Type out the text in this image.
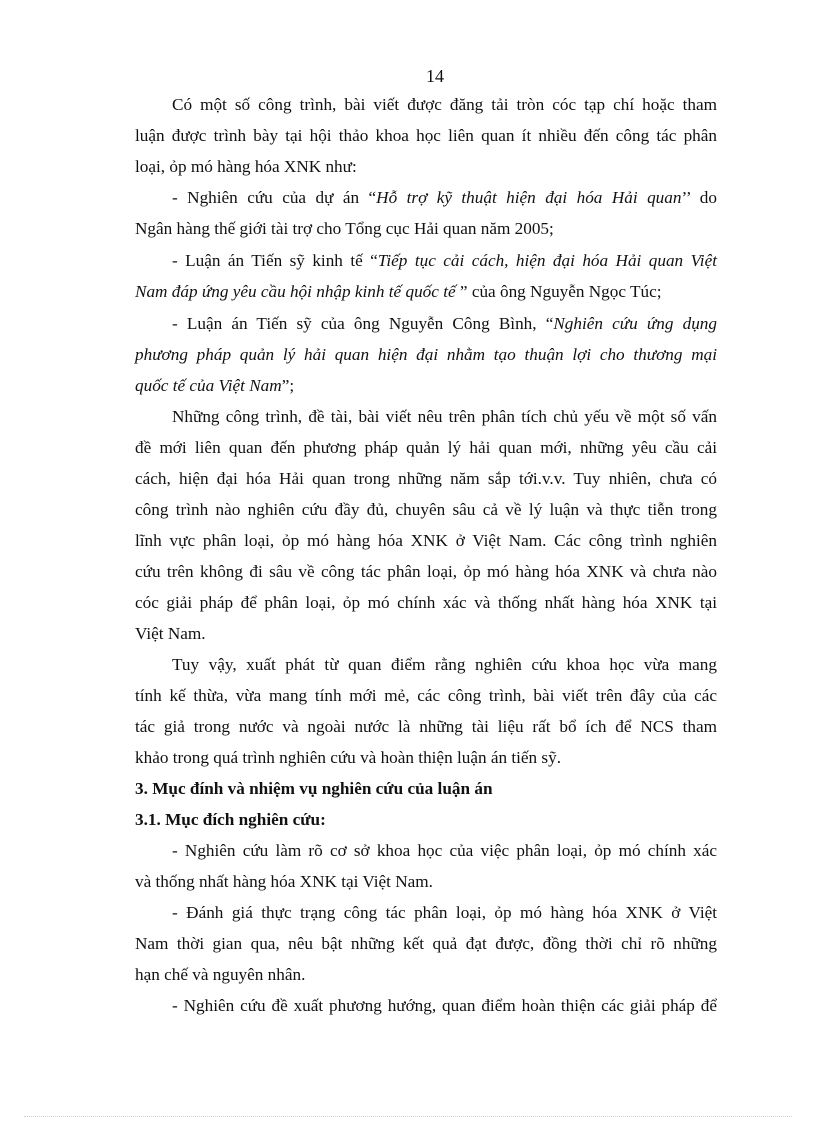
14
Có một số công trình, bài viết được đăng tải tròn cóc tạp chí hoặc tham
luận được trình bày tại hội thảo khoa học liên quan ít nhiều đến công tác phân
loại, ỏp mó hàng hóa XNK như:
- Nghiên cứu của dự án “Hỗ trợ kỹ thuật hiện đại hóa Hải quan’’ do
Ngân hàng thế giới tài trợ cho Tổng cục Hải quan năm 2005;
- Luận án Tiến sỹ kinh tế “Tiếp tục cải cách, hiện đại hóa Hải quan Việt
Nam đáp ứng yêu cầu hội nhập kinh tế quốc tế ” của ông Nguyễn Ngọc Túc;
- Luận án Tiến sỹ của ông Nguyễn Công Bình, “Nghiên cứu ứng dụng
phương pháp quản lý hải quan hiện đại nhằm tạo thuận lợi cho thương mại
quốc tế của Việt Nam”;
Những công trình, đề tài, bài viết nêu trên phân tích chủ yếu về một số vấn
đề mới liên quan đến phương pháp quản lý hải quan mới, những yêu cầu cải
cách, hiện đại hóa Hải quan trong những năm sắp tới.v.v. Tuy nhiên, chưa có
công trình nào nghiên cứu đầy đủ, chuyên sâu cả về lý luận và thực tiễn trong
lĩnh vực phân loại, ỏp mó hàng hóa XNK ở Việt Nam. Các công trình nghiên
cứu trên không đi sâu về công tác phân loại, ỏp mó hàng hóa XNK và chưa nào
cóc giải pháp để phân loại, ỏp mó chính xác và thống nhất hàng hóa XNK tại
Việt Nam.
Tuy vậy, xuất phát từ quan điểm rằng nghiên cứu khoa học vừa mang
tính kế thừa, vừa mang tính mới mẻ, các công trình, bài viết trên đây của các
tác giả trong nước và ngoài nước là những tài liệu rất bổ ích để NCS tham
khảo trong quá trình nghiên cứu và hoàn thiện luận án tiến sỹ.
3. Mục đính và nhiệm vụ nghiên cứu của luận án
3.1. Mục đích nghiên cứu:
- Nghiên cứu làm rõ cơ sở khoa học của việc phân loại, ỏp mó chính xác
và thống nhất hàng hóa XNK tại Việt Nam.
- Đánh giá thực trạng công tác phân loại, ỏp mó hàng hóa XNK ở Việt
Nam thời gian qua, nêu bật những kết quả đạt được, đồng thời chỉ rõ những
hạn chế và nguyên nhân.
- Nghiên cứu đề xuất phương hướng, quan điểm hoàn thiện các giải pháp để
